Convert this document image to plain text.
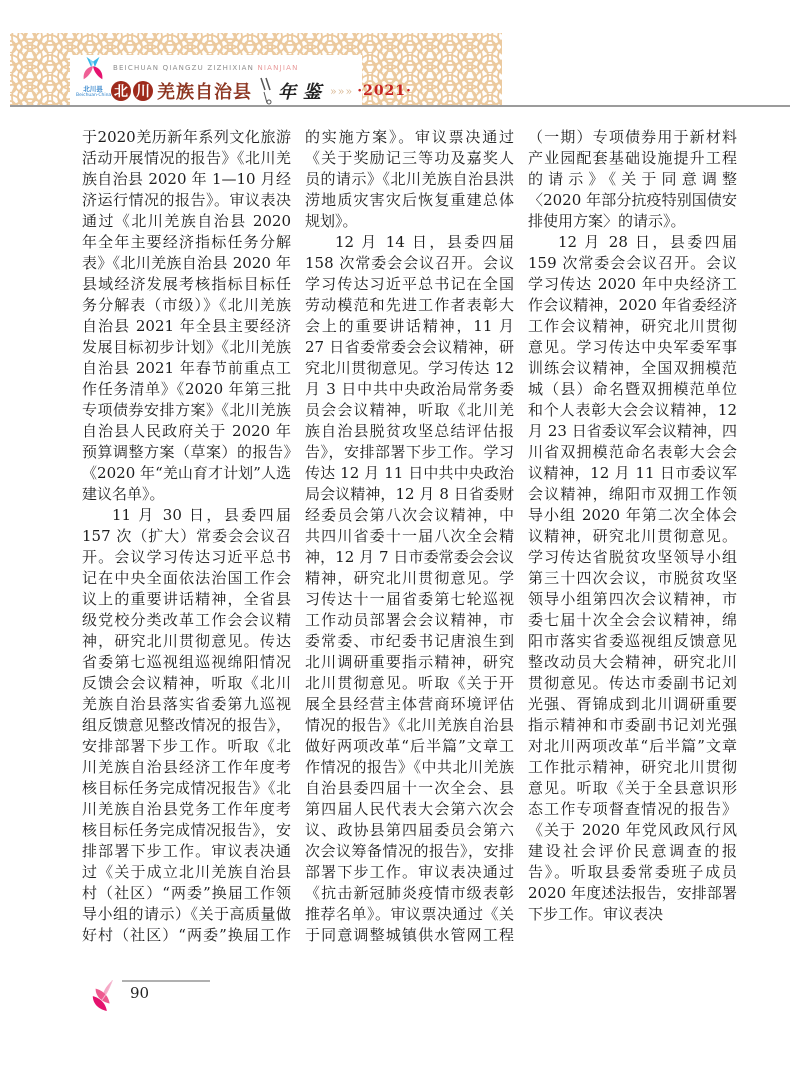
北川县
Beichuan·China
BEICHUAN QIANGZU ZIZHIXIAN NIANJIAN
北 川 羌族自治县 年鉴 »»» ·2021·

于2020羌历新年系列文化旅游活动开展情况的报告》《北川羌族自治县 2020 年 1—10 月经济运行情况的报告》。审议表决通过《北川羌族自治县 2020 年全年主要经济指标任务分解表》《北川羌族自治县 2020 年县域经济发展考核指标目标任务分解表（市级）》《北川羌族自治县 2021 年全县主要经济发展目标初步计划》《北川羌族自治县 2021 年春节前重点工作任务清单》《2020 年第三批专项债券安排方案》《北川羌族自治县人民政府关于 2020 年预算调整方案（草案）的报告》《2020 年“羌山育才计划”人选建议名单》。

11 月 30 日，县委四届 157 次（扩大）常委会会议召开。会议学习传达习近平总书记在中央全面依法治国工作会议上的重要讲话精神，全省县级党校分类改革工作会会议精神，研究北川贯彻意见。传达省委第七巡视组巡视绵阳情况反馈会会议精神，听取《北川羌族自治县落实省委第九巡视组反馈意见整改情况的报告》，安排部署下步工作。听取《北川羌族自治县经济工作年度考核目标任务完成情况报告》《北川羌族自治县党务工作年度考核目标任务完成情况报告》，安排部署下步工作。审议表决通过《关于成立北川羌族自治县村（社区）“两委”换届工作领导小组的请示）《关于高质量做好村（社区）“两委”换届工作的实施方案》。审议票决通过《关于奖励记三等功及嘉奖人员的请示》《北川羌族自治县洪涝地质灾害灾后恢复重建总体规划》。

12 月 14 日，县委四届 158 次常委会会议召开。会议学习传达习近平总书记在全国劳动模范和先进工作者表彰大会上的重要讲话精神，11 月 27 日省委常委会会议精神，研究北川贯彻意见。学习传达 12 月 3 日中共中央政治局常务委员会会议精神，听取《北川羌族自治县脱贫攻坚总结评估报告》，安排部署下步工作。学习传达 12 月 11 日中共中央政治局会议精神，12 月 8 日省委财经委员会第八次会议精神，中共四川省委十一届八次全会精神，12 月 7 日市委常委会会议精神，研究北川贯彻意见。学习传达十一届省委第七轮巡视工作动员部署会会议精神，市委常委、市纪委书记唐浪生到北川调研重要指示精神，研究北川贯彻意见。听取《关于开展全县经营主体营商环境评估情况的报告》《北川羌族自治县做好两项改革“后半篇”文章工作情况的报告》《中共北川羌族自治县委四届十一次全会、县第四届人民代表大会第六次会议、政协县第四届委员会第六次会议筹备情况的报告》，安排部署下步工作。审议表决通过《抗击新冠肺炎疫情市级表彰推荐名单》。审议票决通过《关于同意调整城镇供水管网工程（一期）专项债券用于新材料产业园配套基础设施提升工程的请示》《关于同意调整〈2020 年部分抗疫特别国债安排使用方案〉的请示》。

12 月 28 日，县委四届 159 次常委会会议召开。会议学习传达 2020 年中央经济工作会议精神，2020 年省委经济工作会议精神，研究北川贯彻意见。学习传达中央军委军事训练会议精神，全国双拥模范城（县）命名暨双拥模范单位和个人表彰大会会议精神，12 月 23 日省委议军会议精神，四川省双拥模范命名表彰大会会议精神，12 月 11 日市委议军会议精神，绵阳市双拥工作领导小组 2020 年第二次全体会议精神，研究北川贯彻意见。学习传达省脱贫攻坚领导小组第三十四次会议，市脱贫攻坚领导小组第四次会议精神，市委七届十次全会会议精神，绵阳市落实省委巡视组反馈意见整改动员大会精神，研究北川贯彻意见。传达市委副书记刘光强、胥锦成到北川调研重要指示精神和市委副书记刘光强对北川两项改革“后半篇”文章工作批示精神，研究北川贯彻意见。听取《关于全县意识形态工作专项督查情况的报告》《关于 2020 年党风政风行风建设社会评价民意调查的报告》。听取县委常委班子成员 2020 年度述法报告，安排部署下步工作。审议表决

90
